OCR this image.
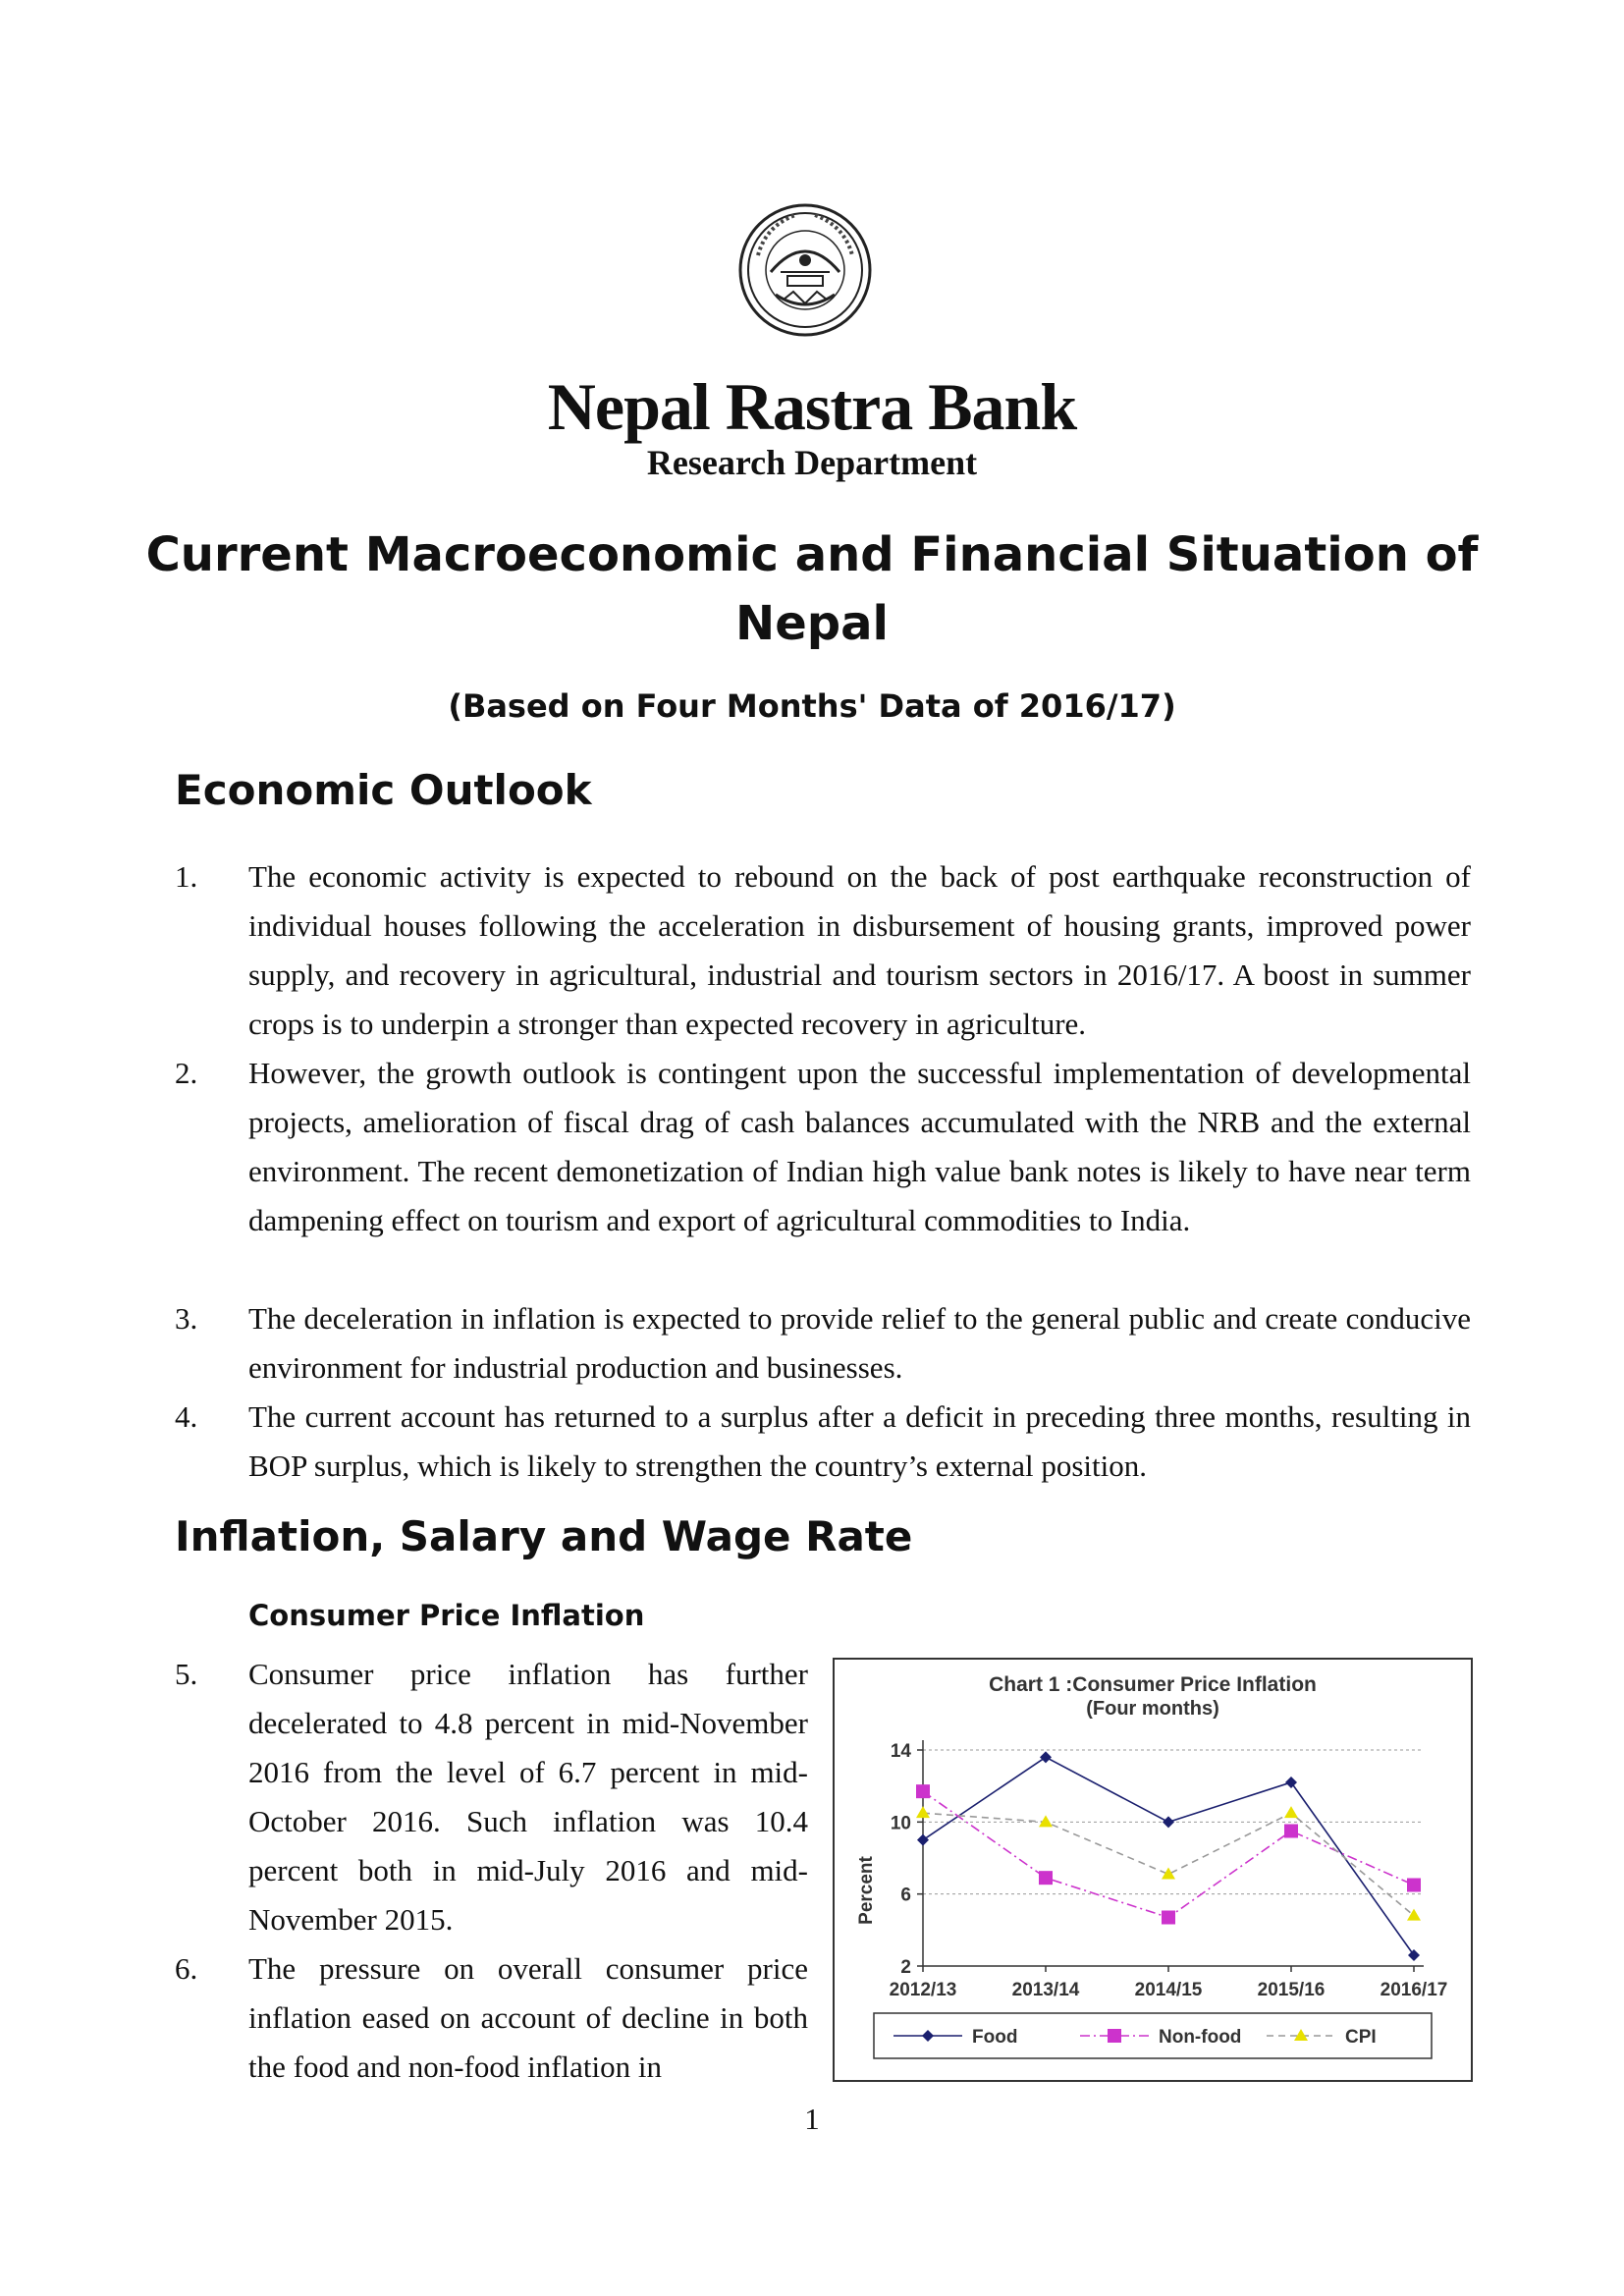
Nepal Rastra Bank
Research Department
Current Macroeconomic and Financial Situation of Nepal
(Based on Four Months' Data of 2016/17)
Economic Outlook
1. The economic activity is expected to rebound on the back of post earthquake reconstruction of individual houses following the acceleration in disbursement of housing grants, improved power supply, and recovery in agricultural, industrial and tourism sectors in 2016/17. A boost in summer crops is to underpin a stronger than expected recovery in agriculture.
2. However, the growth outlook is contingent upon the successful implementation of developmental projects, amelioration of fiscal drag of cash balances accumulated with the NRB and the external environment. The recent demonetization of Indian high value bank notes is likely to have near term dampening effect on tourism and export of agricultural commodities to India.
3. The deceleration in inflation is expected to provide relief to the general public and create conducive environment for industrial production and businesses.
4. The current account has returned to a surplus after a deficit in preceding three months, resulting in BOP surplus, which is likely to strengthen the country’s external position.
Inflation, Salary and Wage Rate
Consumer Price Inflation
5. Consumer price inflation has further decelerated to 4.8 percent in mid-November 2016 from the level of 6.7 percent in mid-October 2016. Such inflation was 10.4 percent both in mid-July 2016 and mid-November 2015.
6. The pressure on overall consumer price inflation eased on account of decline in both the food and non-food inflation in
Chart 1 :Consumer Price Inflation
(Four months)
Percent
2
6
10
14
2012/13	2013/14	2014/15	2015/16	2016/17
Food	Non-food	CPI
1
